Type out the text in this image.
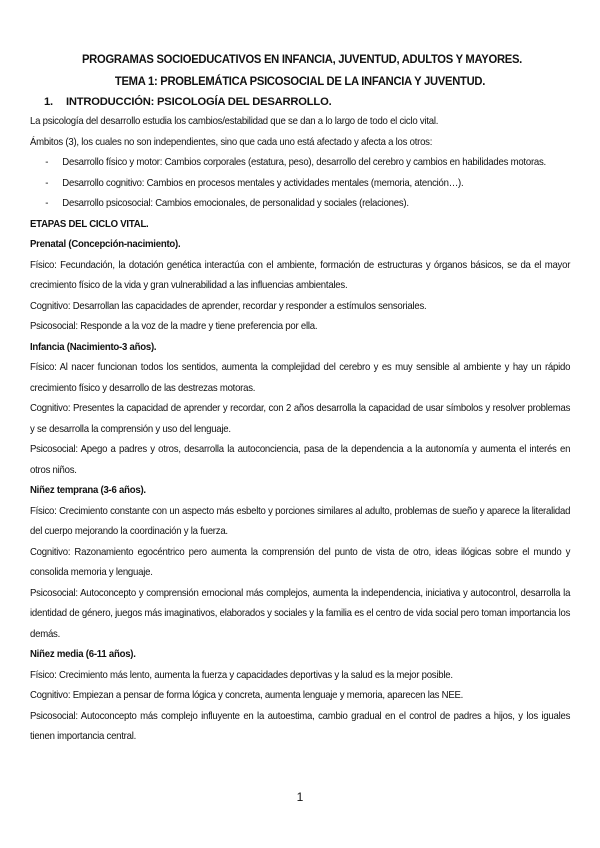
PROGRAMAS SOCIOEDUCATIVOS EN INFANCIA, JUVENTUD, ADULTOS Y MAYORES.
TEMA 1: PROBLEMÁTICA PSICOSOCIAL DE LA INFANCIA Y JUVENTUD.
1. INTRODUCCIÓN: PSICOLOGÍA DEL DESARROLLO.

La psicología del desarrollo estudia los cambios/estabilidad que se dan a lo largo de todo el ciclo vital.

Ámbitos (3), los cuales no son independientes, sino que cada uno está afectado y afecta a los otros:

- Desarrollo físico y motor: Cambios corporales (estatura, peso), desarrollo del cerebro y cambios en habilidades motoras.
- Desarrollo cognitivo: Cambios en procesos mentales y actividades mentales (memoria, atención…).
- Desarrollo psicosocial: Cambios emocionales, de personalidad y sociales (relaciones).
ETAPAS DEL CICLO VITAL.
Prenatal (Concepción-nacimiento).

Físico: Fecundación, la dotación genética interactúa con el ambiente, formación de estructuras y órganos básicos, se da el mayor crecimiento físico de la vida y gran vulnerabilidad a las influencias ambientales.

Cognitivo: Desarrollan las capacidades de aprender, recordar y responder a estímulos sensoriales.

Psicosocial: Responde a la voz de la madre y tiene preferencia por ella.

Infancia (Nacimiento-3 años).

Físico: Al nacer funcionan todos los sentidos, aumenta la complejidad del cerebro y es muy sensible al ambiente y hay un rápido crecimiento físico y desarrollo de las destrezas motoras.

Cognitivo: Presentes la capacidad de aprender y recordar, con 2 años desarrolla la capacidad de usar símbolos y resolver problemas y se desarrolla la comprensión y uso del lenguaje.

Psicosocial: Apego a padres y otros, desarrolla la autoconciencia, pasa de la dependencia a la autonomía y aumenta el interés en otros niños.

Niñez temprana (3-6 años).

Físico: Crecimiento constante con un aspecto más esbelto y porciones similares al adulto, problemas de sueño y aparece la literalidad del cuerpo mejorando la coordinación y la fuerza.

Cognitivo: Razonamiento egocéntrico pero aumenta la comprensión del punto de vista de otro, ideas ilógicas sobre el mundo y consolida memoria y lenguaje.

Psicosocial: Autoconcepto y comprensión emocional más complejos, aumenta la independencia, iniciativa y autocontrol, desarrolla la identidad de género, juegos más imaginativos, elaborados y sociales y la familia es el centro de vida social pero toman importancia los demás.

Niñez media (6-11 años).

Físico: Crecimiento más lento, aumenta la fuerza y capacidades deportivas y la salud es la mejor posible.

Cognitivo: Empiezan a pensar de forma lógica y concreta, aumenta lenguaje y memoria, aparecen las NEE.

Psicosocial: Autoconcepto más complejo influyente en la autoestima, cambio gradual en el control de padres a hijos, y los iguales tienen importancia central.

1
